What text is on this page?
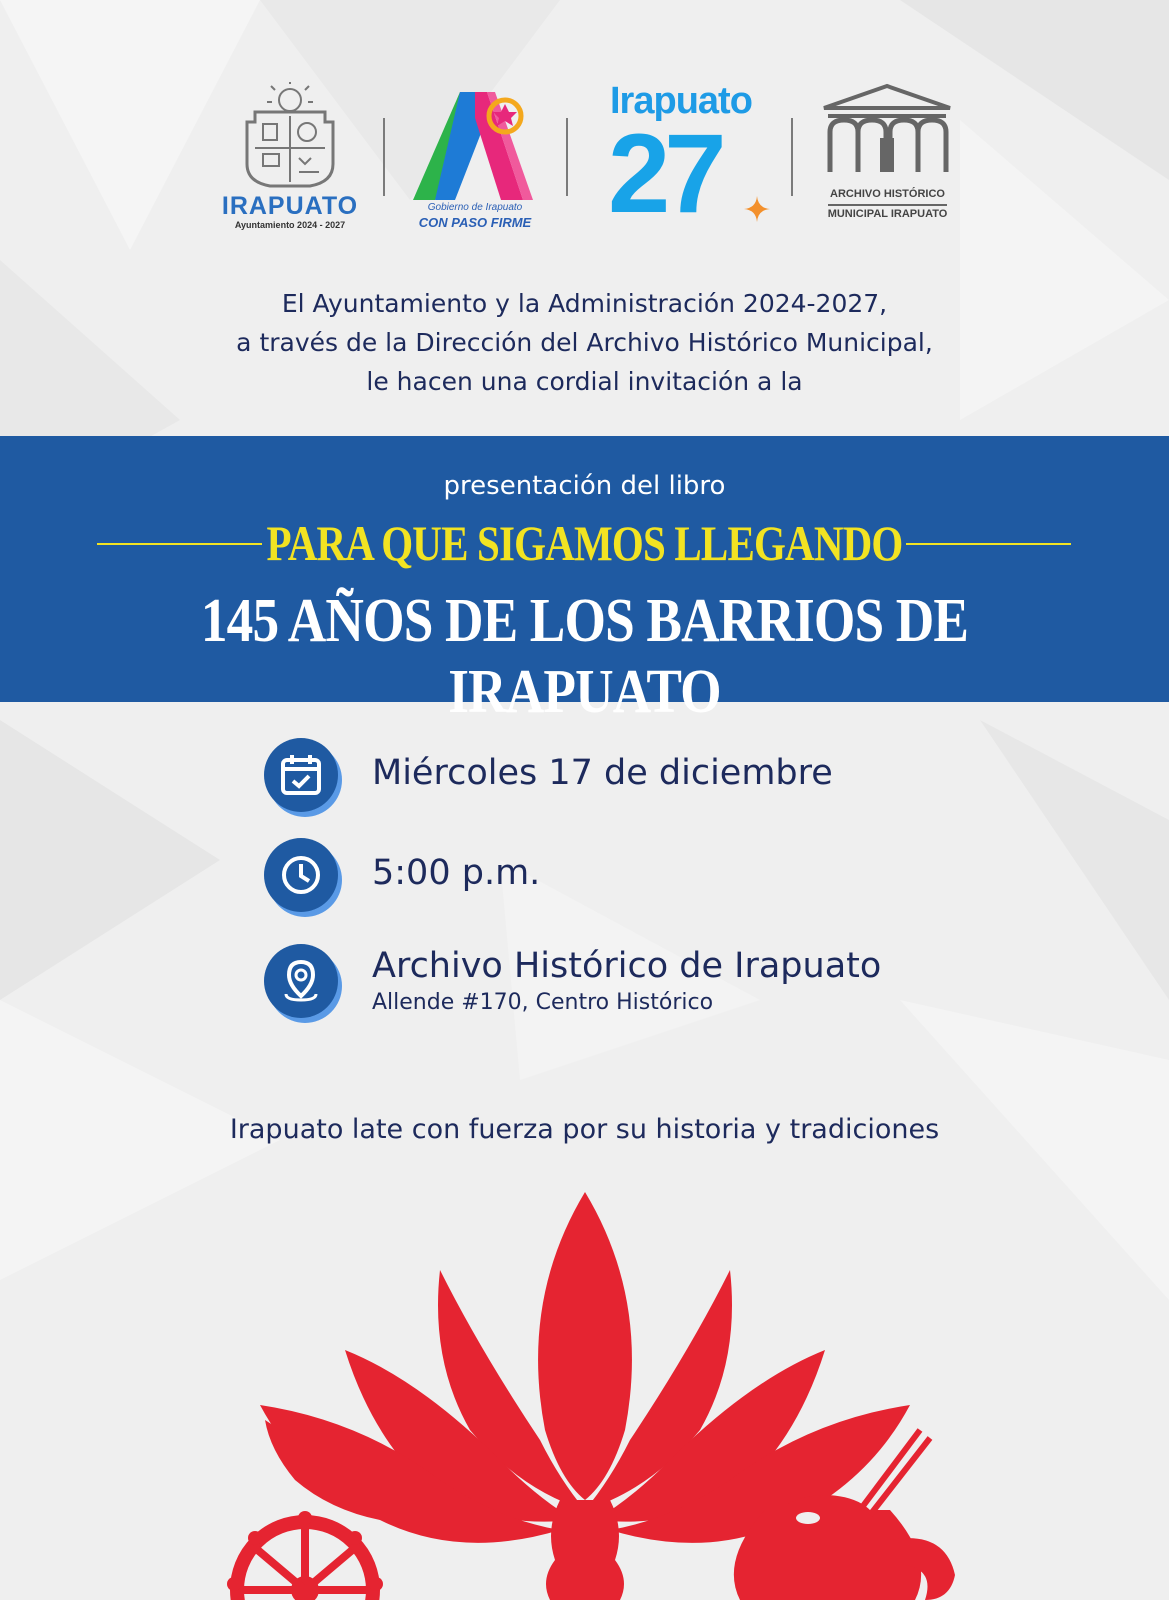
IRAPUATO
Ayuntamiento 2024 - 2027
Gobierno de Irapuato
CON PASO FIRME
Irapuato
27	ARCHIVO HISTÓRICO
MUNICIPAL IRAPUATO
El Ayuntamiento y la Administración 2024-2027,
a través de la Dirección del Archivo Histórico Municipal,
le hacen una cordial invitación a la
presentación del libro
PARA QUE SIGAMOS LLEGANDO
145 AÑOS DE LOS BARRIOS DE IRAPUATO
Miércoles 17 de diciembre
5:00 p.m.
Archivo Histórico de Irapuato
Allende #170, Centro Histórico
Irapuato late con fuerza por su historia y tradiciones
